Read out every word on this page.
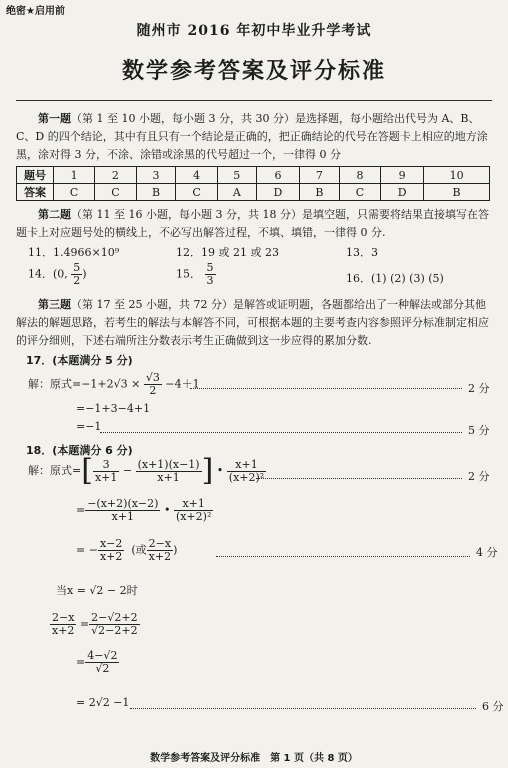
绝密★启用前
随州市 2016 年初中毕业升学考试
数学参考答案及评分标准
  第一题（第 1 至 10 小题，每小题 3 分，共 30 分）是选择题，每小题给出代号为 A、B、C、D 的四个结论，其中有且只有一个结论是正确的，把正确结论的代号在答题卡上相应的地方涂黑，涂对得 3 分，不涂、涂错或涂黑的代号超过一个，一律得 0 分
题号	1	2	3	4	5	6	7	8	9	10
答案	C	C	B	C	A	D	B	C	D	B
  第二题（第 11 至 16 小题，每小题 3 分，共 18 分）是填空题，只需要将结果直接填写在答题卡上对应题号处的横线上，不必写出解答过程，不填、填错，一律得 0 分.
11．1.4966×10⁹	12．19 或 21 或 23	13．3
14．(0, $\frac{5}{2}$ )	15． $\frac{5}{3}$	16．(1) (2) (3) (5)
  第三题（第 17 至 25 小题，共 72 分）是解答或证明题，各题都给出了一种解法或部分其他解法的解题思路，若考生的解法与本解答不同，可根据本题的主要考查内容参照评分标准制定相应的评分细则，下述右端所注分数表示考生正确做到这一步应得的累加分数.
17．(本题满分 5 分)
解：原式$=-1+2√3 \times \frac{√3}{2} -4+1$	2 分
=−1+3−4+1
=−1	5 分
18．(本题满分 6 分)
解：原式=[ $\frac{3}{x+1} - \frac{(x+1)(x-1)}{x+1}$ ] • $\frac{x+1}{\text{(x+2)²}}$	2 分
= $\frac{-(x+2)(x-2)}{x+1}$ • $\frac{x+1}{\text{(x+2)²}}$
= − $\frac{x-2}{x+2}$ (或 $\frac{2-x}{x+2}$ )	4 分
当x = √2 − 2时
$\frac{2-x}{x+2} = \frac{2-√2+2}{√2-2+2}$
= $\frac{4-√2}{√2}$
= 2√2 −1	6 分
数学参考答案及评分标准　第 1 页（共 8 页）
